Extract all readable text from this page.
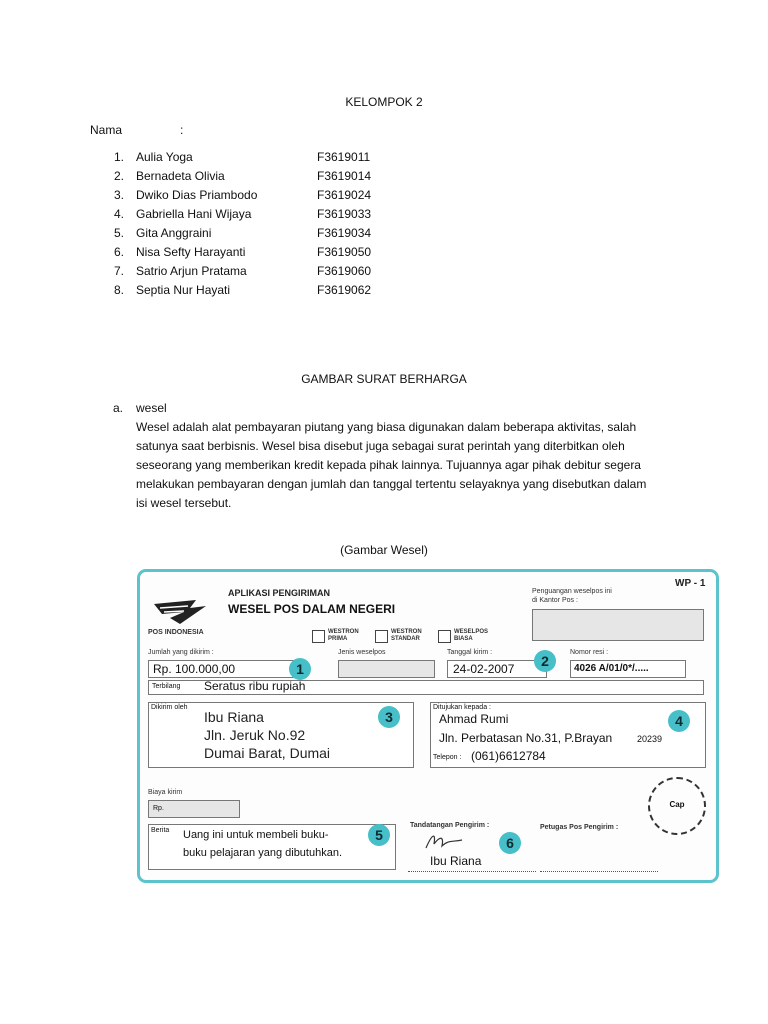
KELOMPOK 2
Nama	:
1. Aulia Yoga	F3619011
2. Bernadeta Olivia	F3619014
3. Dwiko Dias Priambodo	F3619024
4. Gabriella Hani Wijaya	F3619033
5. Gita Anggraini	F3619034
6. Nisa Sefty Harayanti	F3619050
7. Satrio Arjun Pratama	F3619060
8. Septia Nur Hayati	F3619062
GAMBAR SURAT BERHARGA
a. wesel
Wesel adalah alat pembayaran piutang yang biasa digunakan dalam beberapa aktivitas, salah
satunya saat berbisnis. Wesel bisa disebut juga sebagai surat perintah yang diterbitkan oleh
seseorang yang memberikan kredit kepada pihak lainnya. Tujuannya agar pihak debitur segera
melakukan pembayaran dengan jumlah dan tanggal tertentu selayaknya yang disebutkan dalam
isi wesel tersebut.
(Gambar Wesel)
POS INDONESIA
APLIKASI PENGIRIMAN
WESEL POS DALAM NEGERI
WP - 1
Penguangan weselpos ini
di Kantor Pos :
WESTRON
PRIMA
WESTRON
STANDAR
WESELPOS
BIASA
Jumlah yang dikirim :
Rp. 100.000,00	1
Jenis weselpos	Tanggal kirim :
24-02-2007	2
Nomor resi :
4026 A/01/0*/.....
Terbilang Seratus ribu rupiah
Dikirim oleh
Ibu Riana
Jln. Jeruk No.92
Dumai Barat, Dumai
3
Ditujukan kepada :
Ahmad Rumi
Jln. Perbatasan No.31, P.Brayan	20239
Telepon : (061)6612784
4
Biaya kirim
Rp.
Berita Uang ini untuk membeli buku-
buku pelajaran yang dibutuhkan.
5
Tandatangan Pengirim :
6
Ibu Riana
Petugas Pos Pengirim :
Cap
